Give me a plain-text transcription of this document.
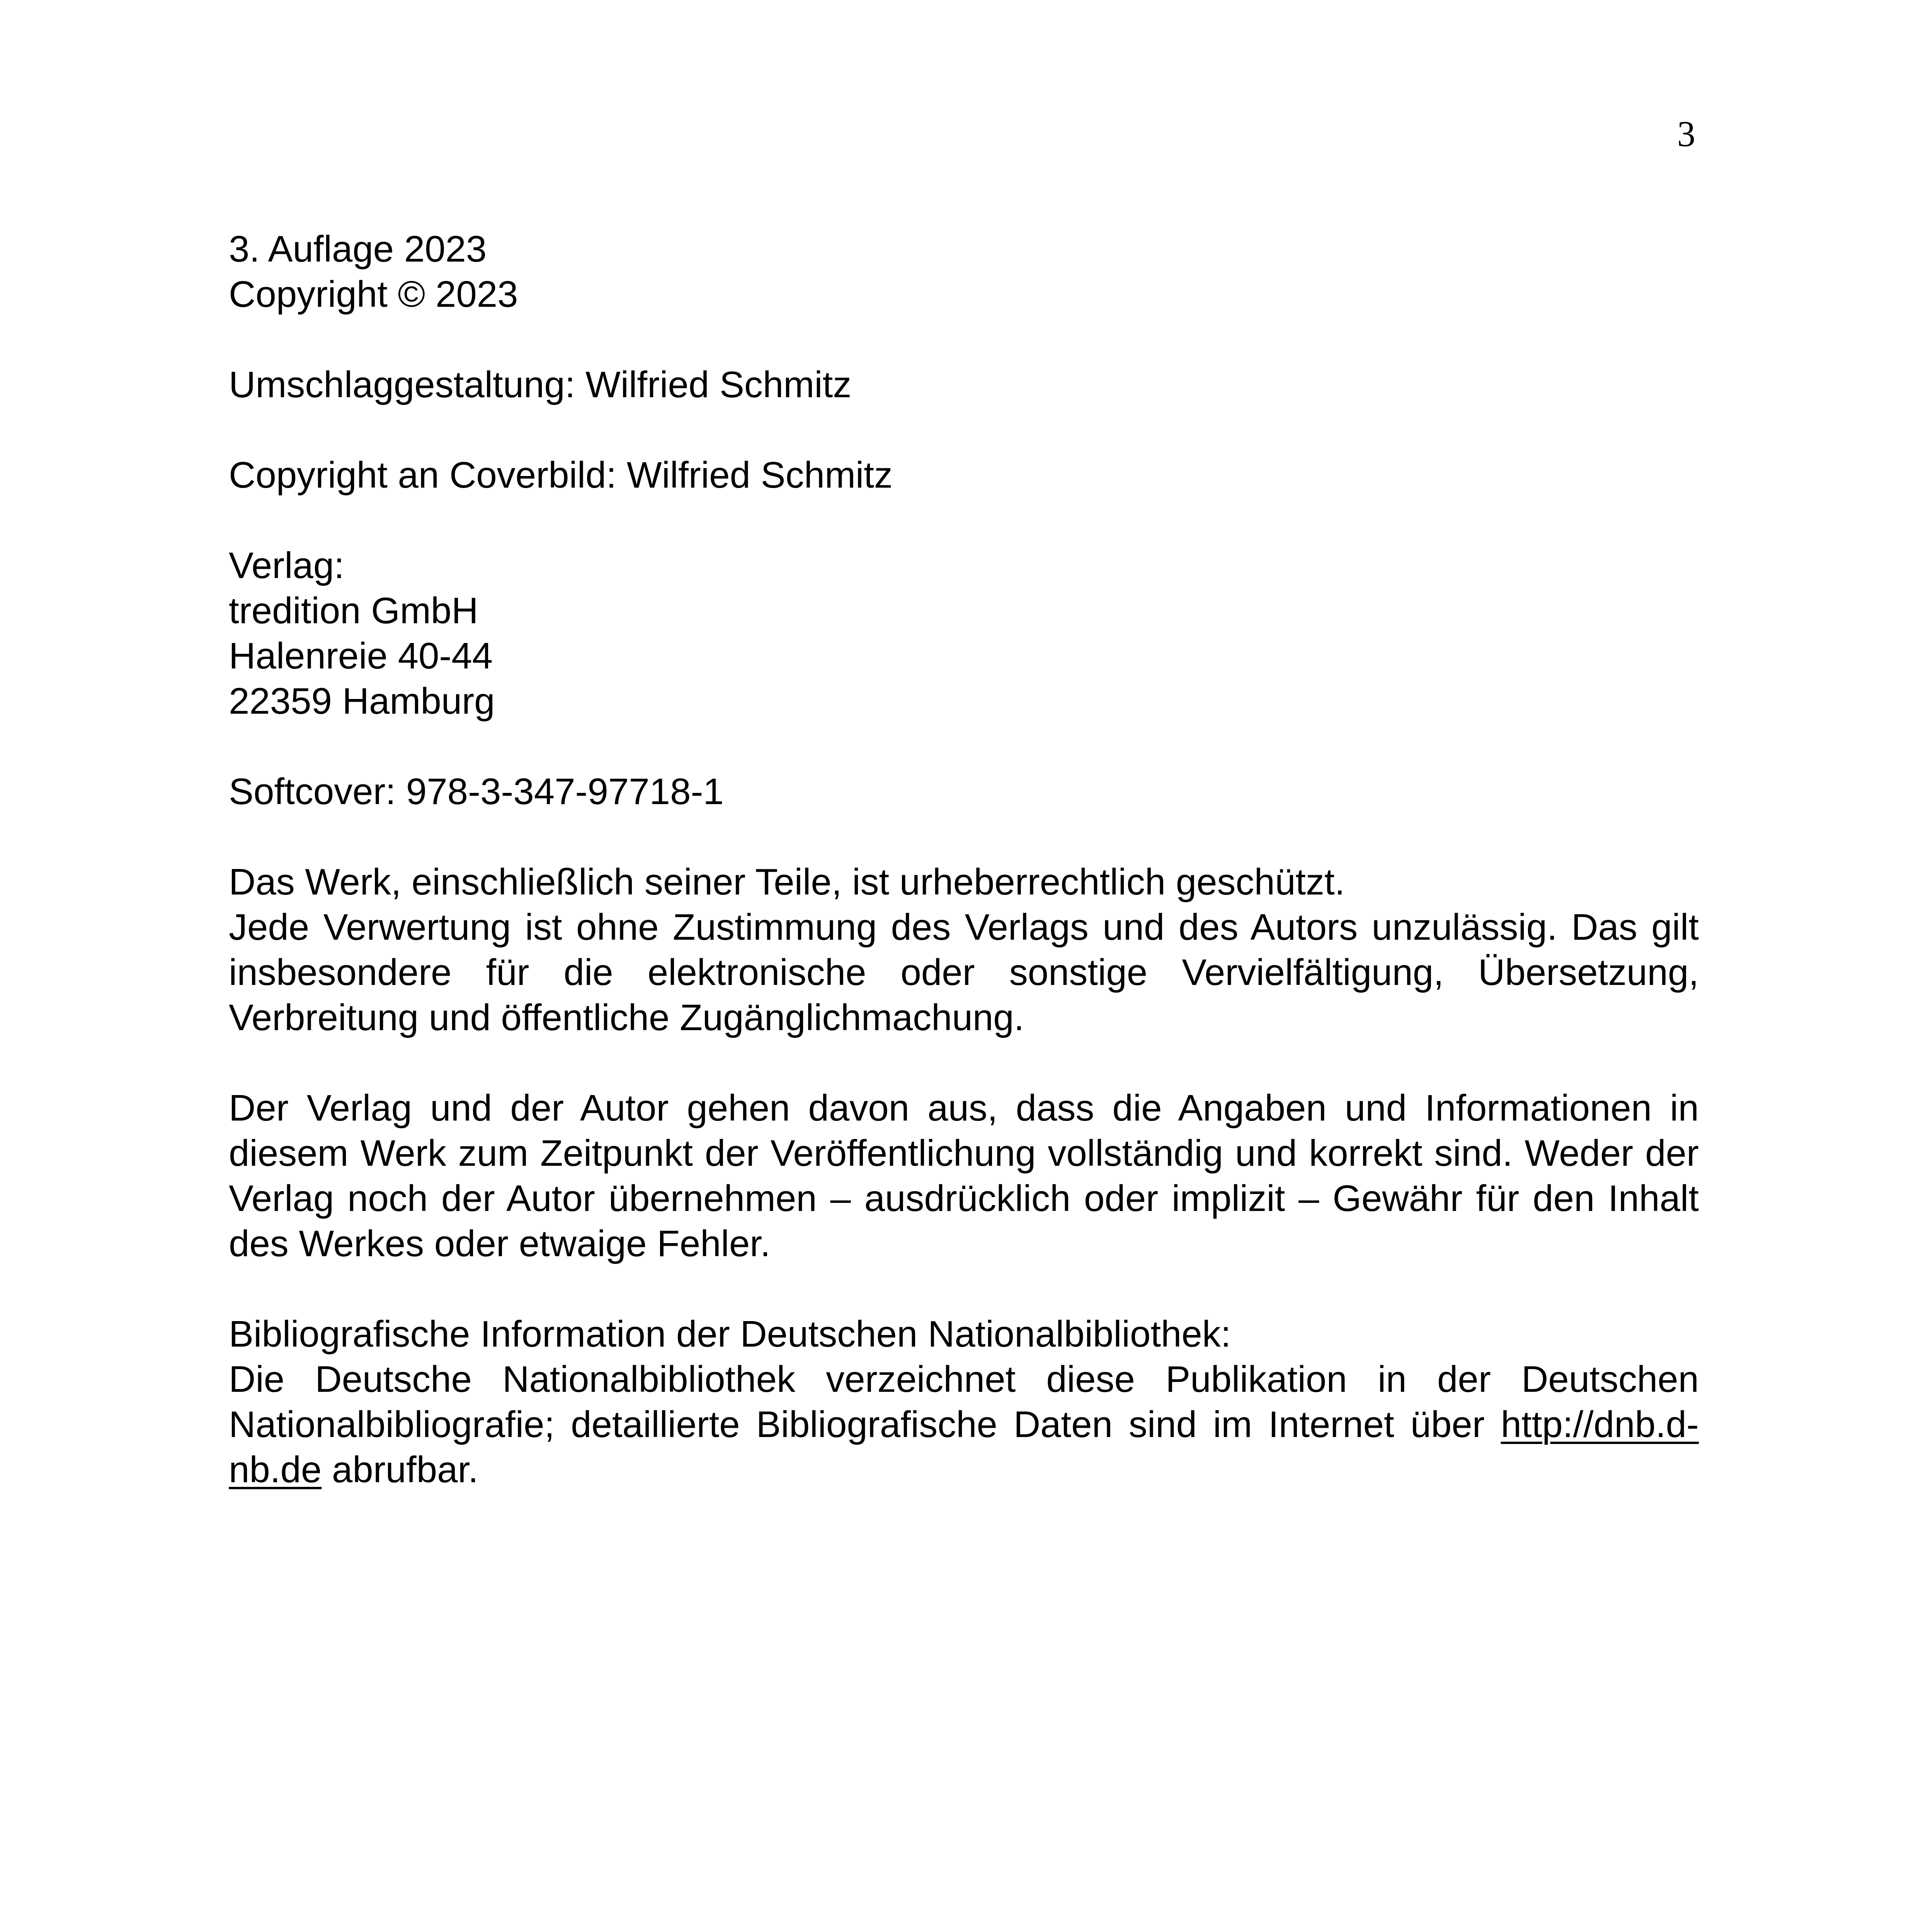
3

3. Auflage 2023

Copyright © 2023

Umschlaggestaltung: Wilfried Schmitz

Copyright an Coverbild: Wilfried Schmitz

Verlag:

tredition GmbH

Halenreie 40-44

22359 Hamburg

Softcover: 978-3-347-97718-1

Das Werk, einschließlich seiner Teile, ist urheberrechtlich geschützt.

Jede Verwertung ist ohne Zustimmung des Verlags und des Autors unzulässig. Das gilt insbesondere für die elektronische oder sonstige Vervielfältigung, Übersetzung, Verbreitung und öffentliche Zugänglichmachung.

Der Verlag und der Autor gehen davon aus, dass die Angaben und Informationen in diesem Werk zum Zeitpunkt der Veröffentlichung vollständig und korrekt sind. Weder der Verlag noch der Autor übernehmen – ausdrücklich oder implizit – Gewähr für den Inhalt des Werkes oder etwaige Fehler.

Bibliografische Information der Deutschen Nationalbibliothek:

Die Deutsche Nationalbibliothek verzeichnet diese Publikation in der Deutschen Nationalbibliografie; detaillierte Bibliografische Daten sind im Internet über http://dnb.d-nb.de abrufbar.
